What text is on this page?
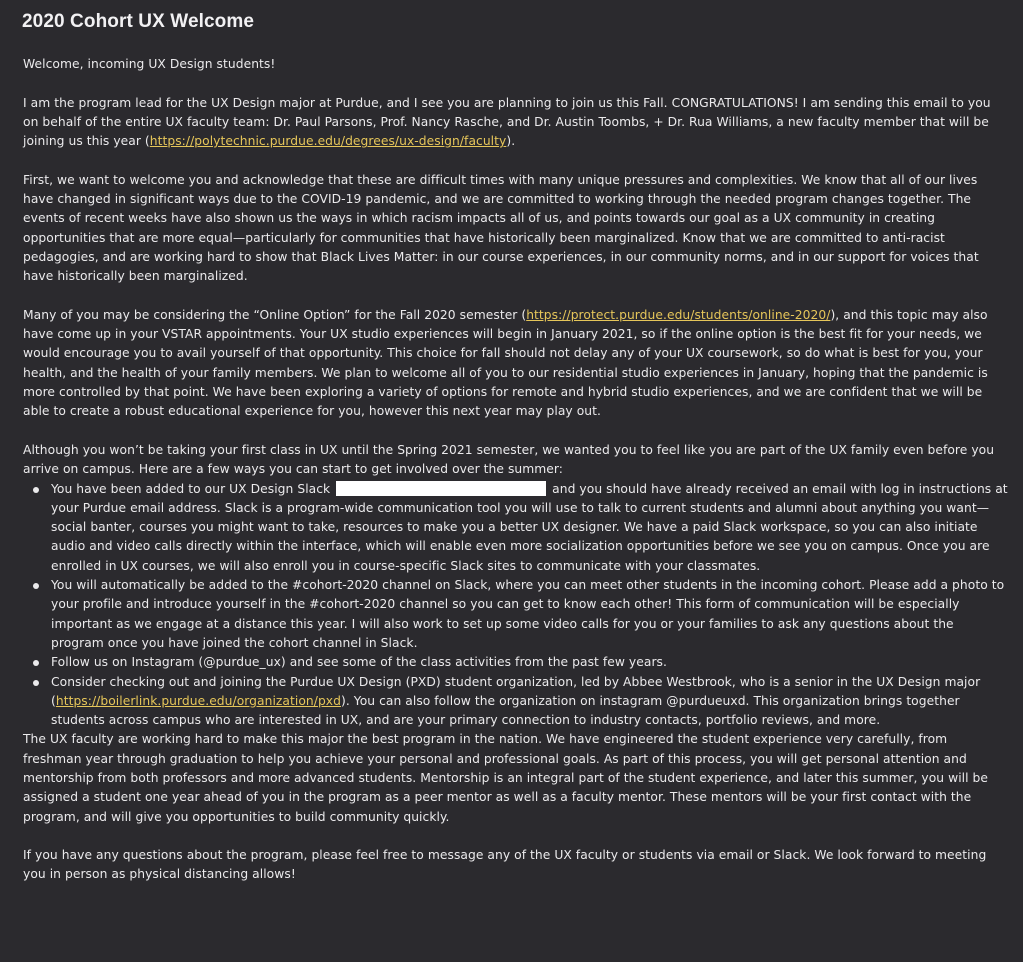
2020 Cohort UX Welcome

Welcome, incoming UX Design students!

I am the program lead for the UX Design major at Purdue, and I see you are planning to join us this Fall. CONGRATULATIONS! I am sending this email to you on behalf of the entire UX faculty team: Dr. Paul Parsons, Prof. Nancy Rasche, and Dr. Austin Toombs, + Dr. Rua Williams, a new faculty member that will be joining us this year (https://polytechnic.purdue.edu/degrees/ux-design/faculty).

First, we want to welcome you and acknowledge that these are difficult times with many unique pressures and complexities. We know that all of our lives have changed in significant ways due to the COVID-19 pandemic, and we are committed to working through the needed program changes together. The events of recent weeks have also shown us the ways in which racism impacts all of us, and points towards our goal as a UX community in creating opportunities that are more equal—particularly for communities that have historically been marginalized. Know that we are committed to anti-racist pedagogies, and are working hard to show that Black Lives Matter: in our course experiences, in our community norms, and in our support for voices that have historically been marginalized.

Many of you may be considering the “Online Option” for the Fall 2020 semester (https://protect.purdue.edu/students/online-2020/), and this topic may also have come up in your VSTAR appointments. Your UX studio experiences will begin in January 2021, so if the online option is the best fit for your needs, we would encourage you to avail yourself of that opportunity. This choice for fall should not delay any of your UX coursework, so do what is best for you, your health, and the health of your family members. We plan to welcome all of you to our residential studio experiences in January, hoping that the pandemic is more controlled by that point. We have been exploring a variety of options for remote and hybrid studio experiences, and we are confident that we will be able to create a robust educational experience for you, however this next year may play out.

Although you won’t be taking your first class in UX until the Spring 2021 semester, we wanted you to feel like you are part of the UX family even before you arrive on campus. Here are a few ways you can start to get involved over the summer:

You have been added to our UX Design Slack	and you should have already received an email with log in instructions at your Purdue email address. Slack is a program-wide communication tool you will use to talk to current students and alumni about anything you want—social banter, courses you might want to take, resources to make you a better UX designer. We have a paid Slack workspace, so you can also initiate audio and video calls directly within the interface, which will enable even more socialization opportunities before we see you on campus. Once you are enrolled in UX courses, we will also enroll you in course-specific Slack sites to communicate with your classmates.
You will automatically be added to the #cohort-2020 channel on Slack, where you can meet other students in the incoming cohort. Please add a photo to your profile and introduce yourself in the #cohort-2020 channel so you can get to know each other! This form of communication will be especially important as we engage at a distance this year. I will also work to set up some video calls for you or your families to ask any questions about the program once you have joined the cohort channel in Slack.
Follow us on Instagram (@purdue_ux) and see some of the class activities from the past few years.
Consider checking out and joining the Purdue UX Design (PXD) student organization, led by Abbee Westbrook, who is a senior in the UX Design major (https://boilerlink.purdue.edu/organization/pxd). You can also follow the organization on instagram @purdueuxd. This organization brings together students across campus who are interested in UX, and are your primary connection to industry contacts, portfolio reviews, and more.

The UX faculty are working hard to make this major the best program in the nation. We have engineered the student experience very carefully, from freshman year through graduation to help you achieve your personal and professional goals. As part of this process, you will get personal attention and mentorship from both professors and more advanced students. Mentorship is an integral part of the student experience, and later this summer, you will be assigned a student one year ahead of you in the program as a peer mentor as well as a faculty mentor. These mentors will be your first contact with the program, and will give you opportunities to build community quickly.

If you have any questions about the program, please feel free to message any of the UX faculty or students via email or Slack. We look forward to meeting you in person as physical distancing allows!
